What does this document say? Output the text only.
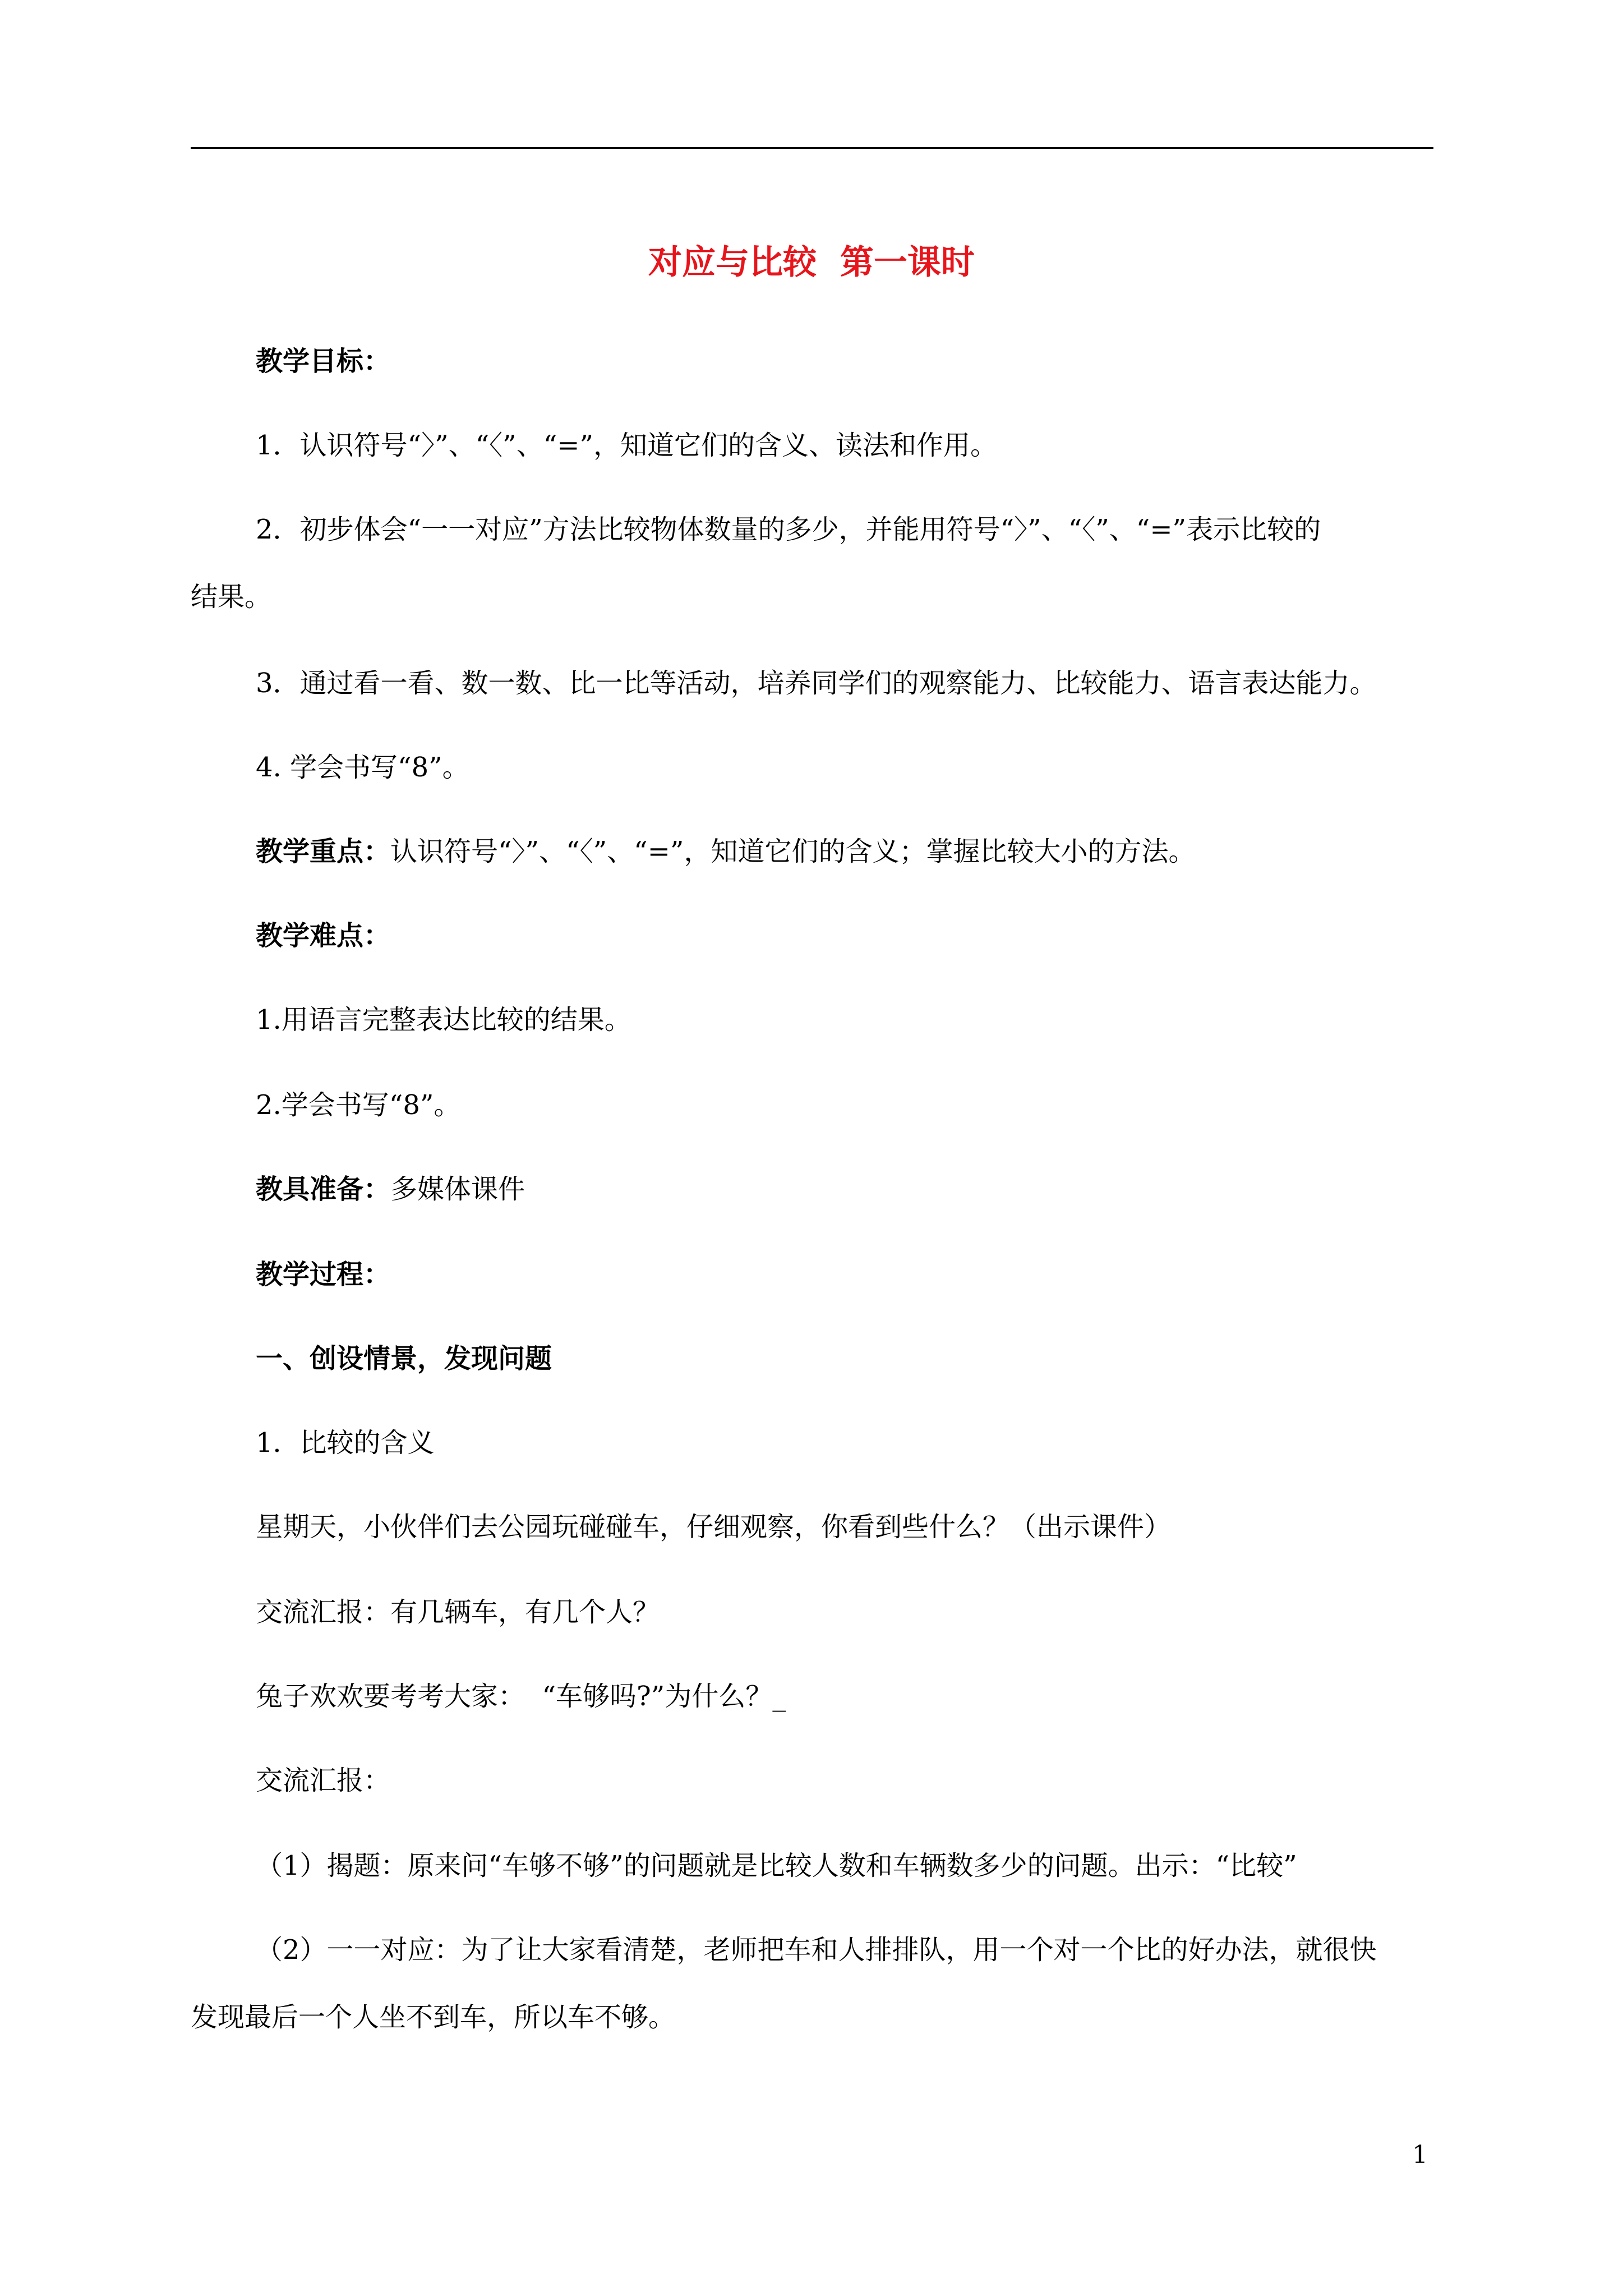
对应与比较  第一课时
教学目标：
1．认识符号“〉”、“〈”、“=”，知道它们的含义、读法和作用。
2．初步体会“一一对应”方法比较物体数量的多少，并能用符号“〉”、“〈”、“=”表示比较的
结果。
3．通过看一看、数一数、比一比等活动，培养同学们的观察能力、比较能力、语言表达能力。
4. 学会书写“8”。
教学重点：认识符号“〉”、“〈”、“=”，知道它们的含义；掌握比较大小的方法。
教学难点：
1.用语言完整表达比较的结果。
2.学会书写“8”。
教具准备：多媒体课件
教学过程：
一、创设情景，发现问题
1．比较的含义
星期天，小伙伴们去公园玩碰碰车，仔细观察，你看到些什么？（出示课件）
交流汇报：有几辆车，有几个人？
兔子欢欢要考考大家：  “车够吗?”为什么？_
交流汇报：
（1）揭题：原来问“车够不够”的问题就是比较人数和车辆数多少的问题。出示：“比较”
（2）一一对应：为了让大家看清楚，老师把车和人排排队，用一个对一个比的好办法，就很快
发现最后一个人坐不到车，所以车不够。
1
